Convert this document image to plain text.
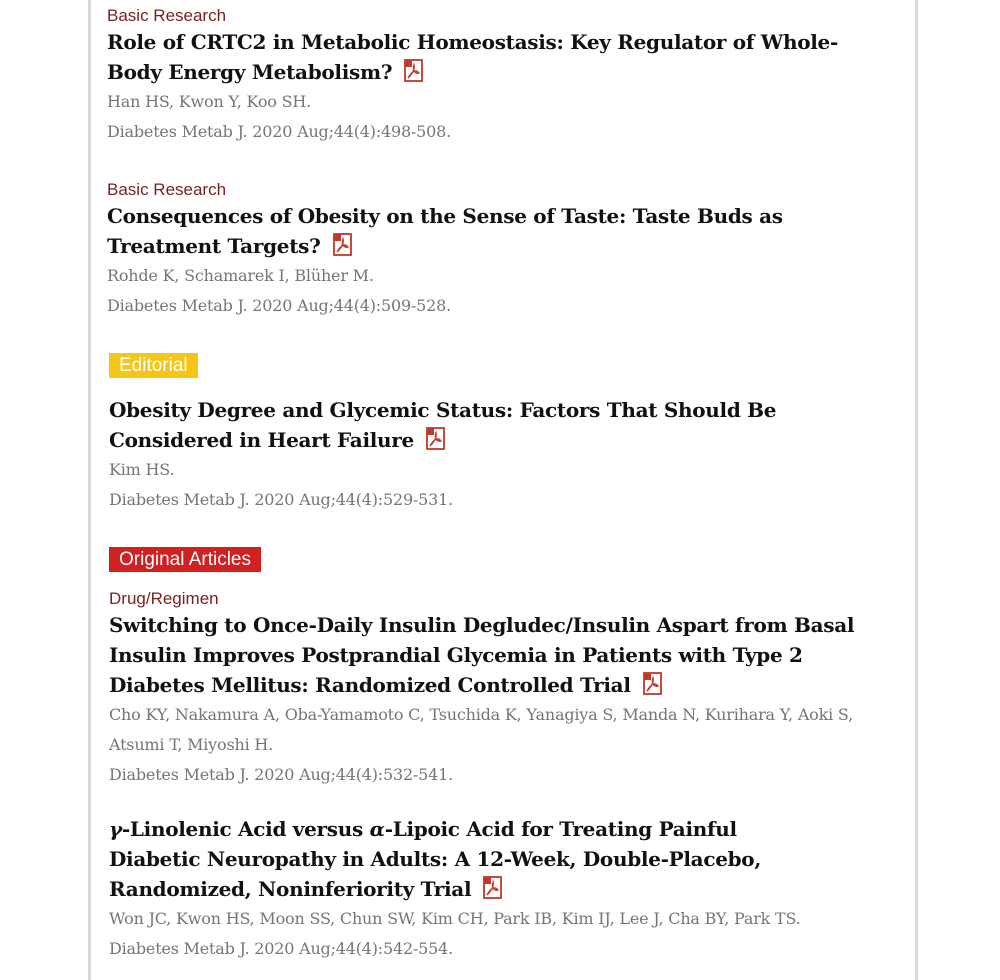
Basic Research
Role of CRTC2 in Metabolic Homeostasis: Key Regulator of Whole-Body Energy Metabolism?
Han HS, Kwon Y, Koo SH.
Diabetes Metab J. 2020 Aug;44(4):498-508.
Basic Research
Consequences of Obesity on the Sense of Taste: Taste Buds as Treatment Targets?
Rohde K, Schamarek I, Blüher M.
Diabetes Metab J. 2020 Aug;44(4):509-528.
Editorial
Obesity Degree and Glycemic Status: Factors That Should Be Considered in Heart Failure
Kim HS.
Diabetes Metab J. 2020 Aug;44(4):529-531.
Original Articles
Drug/Regimen
Switching to Once-Daily Insulin Degludec/Insulin Aspart from Basal Insulin Improves Postprandial Glycemia in Patients with Type 2 Diabetes Mellitus: Randomized Controlled Trial
Cho KY, Nakamura A, Oba-Yamamoto C, Tsuchida K, Yanagiya S, Manda N, Kurihara Y, Aoki S, Atsumi T, Miyoshi H.
Diabetes Metab J. 2020 Aug;44(4):532-541.
γ-Linolenic Acid versus α-Lipoic Acid for Treating Painful Diabetic Neuropathy in Adults: A 12-Week, Double-Placebo, Randomized, Noninferiority Trial
Won JC, Kwon HS, Moon SS, Chun SW, Kim CH, Park IB, Kim IJ, Lee J, Cha BY, Park TS.
Diabetes Metab J. 2020 Aug;44(4):542-554.
